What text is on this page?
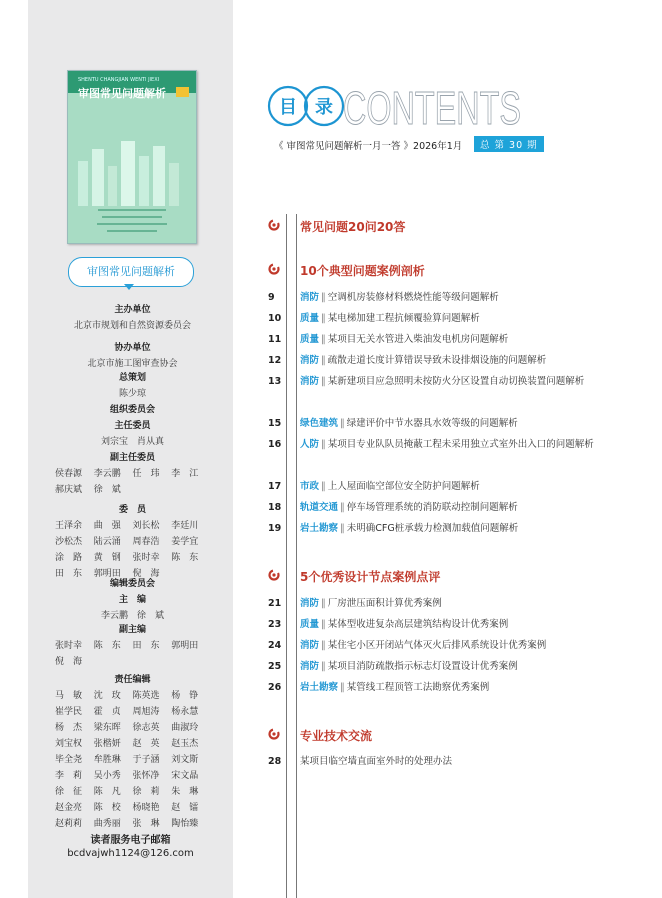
SHENTU CHANGJIAN WENTI JIEXI
审图常见问题解析
审图常见问题解析
主办单位
北京市规划和自然资源委员会
协办单位
北京市施工图审查协会
总策划
陈少琼
组织委员会
主任委员
刘宗宝　肖从真
副主任委员
侯春源	李云鹏	任　玮	李　江
郝庆斌	徐　斌
委　员
王泽余	曲　强	刘长松	李廷川
沙松杰	陆云涌	周春浩	姜学宜
涂　路	黄　钢	张时幸	陈　东
田　东	郭明田	倪　海
编辑委员会
主　编
李云鹏　徐　斌
副主编
张时幸	陈　东	田　东	郭明田
倪　海
责任编辑
马　敏	沈　玫	陈英选	杨　铮
崔学民	霍　贞	周旭涛	杨永慧
杨　杰	梁东晖	徐志英	曲淑玲
刘宝权	张楷妍	赵　英	赵玉杰
毕全尧	牟胜琳	于子涵	刘文斯
李　莉	吴小秀	张怀净	宋文晶
徐　征	陈　凡	徐　莉	朱　琳
赵金亮	陈　校	杨晓艳	赵　镭
赵莉莉	曲秀丽	张　琳	陶怡臻
读者服务电子邮箱
bcdvajwh1124@126.com
目 录 CONTENTS
《 审图常见问题解析一月一答 》2026年1月	总 第 30 期
常见问题20问20答
10个典型问题案例剖析
9	消防 ‖ 空调机房装修材料燃烧性能等级问题解析
10	质量 ‖ 某电梯加建工程抗倾覆验算问题解析
11	质量 ‖ 某项目无关水管进入柴油发电机房问题解析
12	消防 ‖ 疏散走道长度计算错误导致未设排烟设施的问题解析
13	消防 ‖ 某新建项目应急照明未按防火分区设置自动切换装置问题解析
15	绿色建筑 ‖ 绿建评价中节水器具水效等级的问题解析
16	人防 ‖ 某项目专业队队员掩蔽工程未采用独立式室外出入口的问题解析
17	市政 ‖ 上人屋面临空部位安全防护问题解析
18	轨道交通 ‖ 停车场管理系统的消防联动控制问题解析
19	岩土勘察 ‖ 未明确CFG桩承载力检测加载值问题解析
5个优秀设计节点案例点评
21	消防 ‖ 厂房泄压面积计算优秀案例
23	质量 ‖ 某体型收进复杂高层建筑结构设计优秀案例
24	消防 ‖ 某住宅小区开闭站气体灭火后排风系统设计优秀案例
25	消防 ‖ 某项目消防疏散指示标志灯设置设计优秀案例
26	岩土勘察 ‖ 某管线工程顶管工法勘察优秀案例
专业技术交流
28	某项目临空墙直面室外时的处理办法
